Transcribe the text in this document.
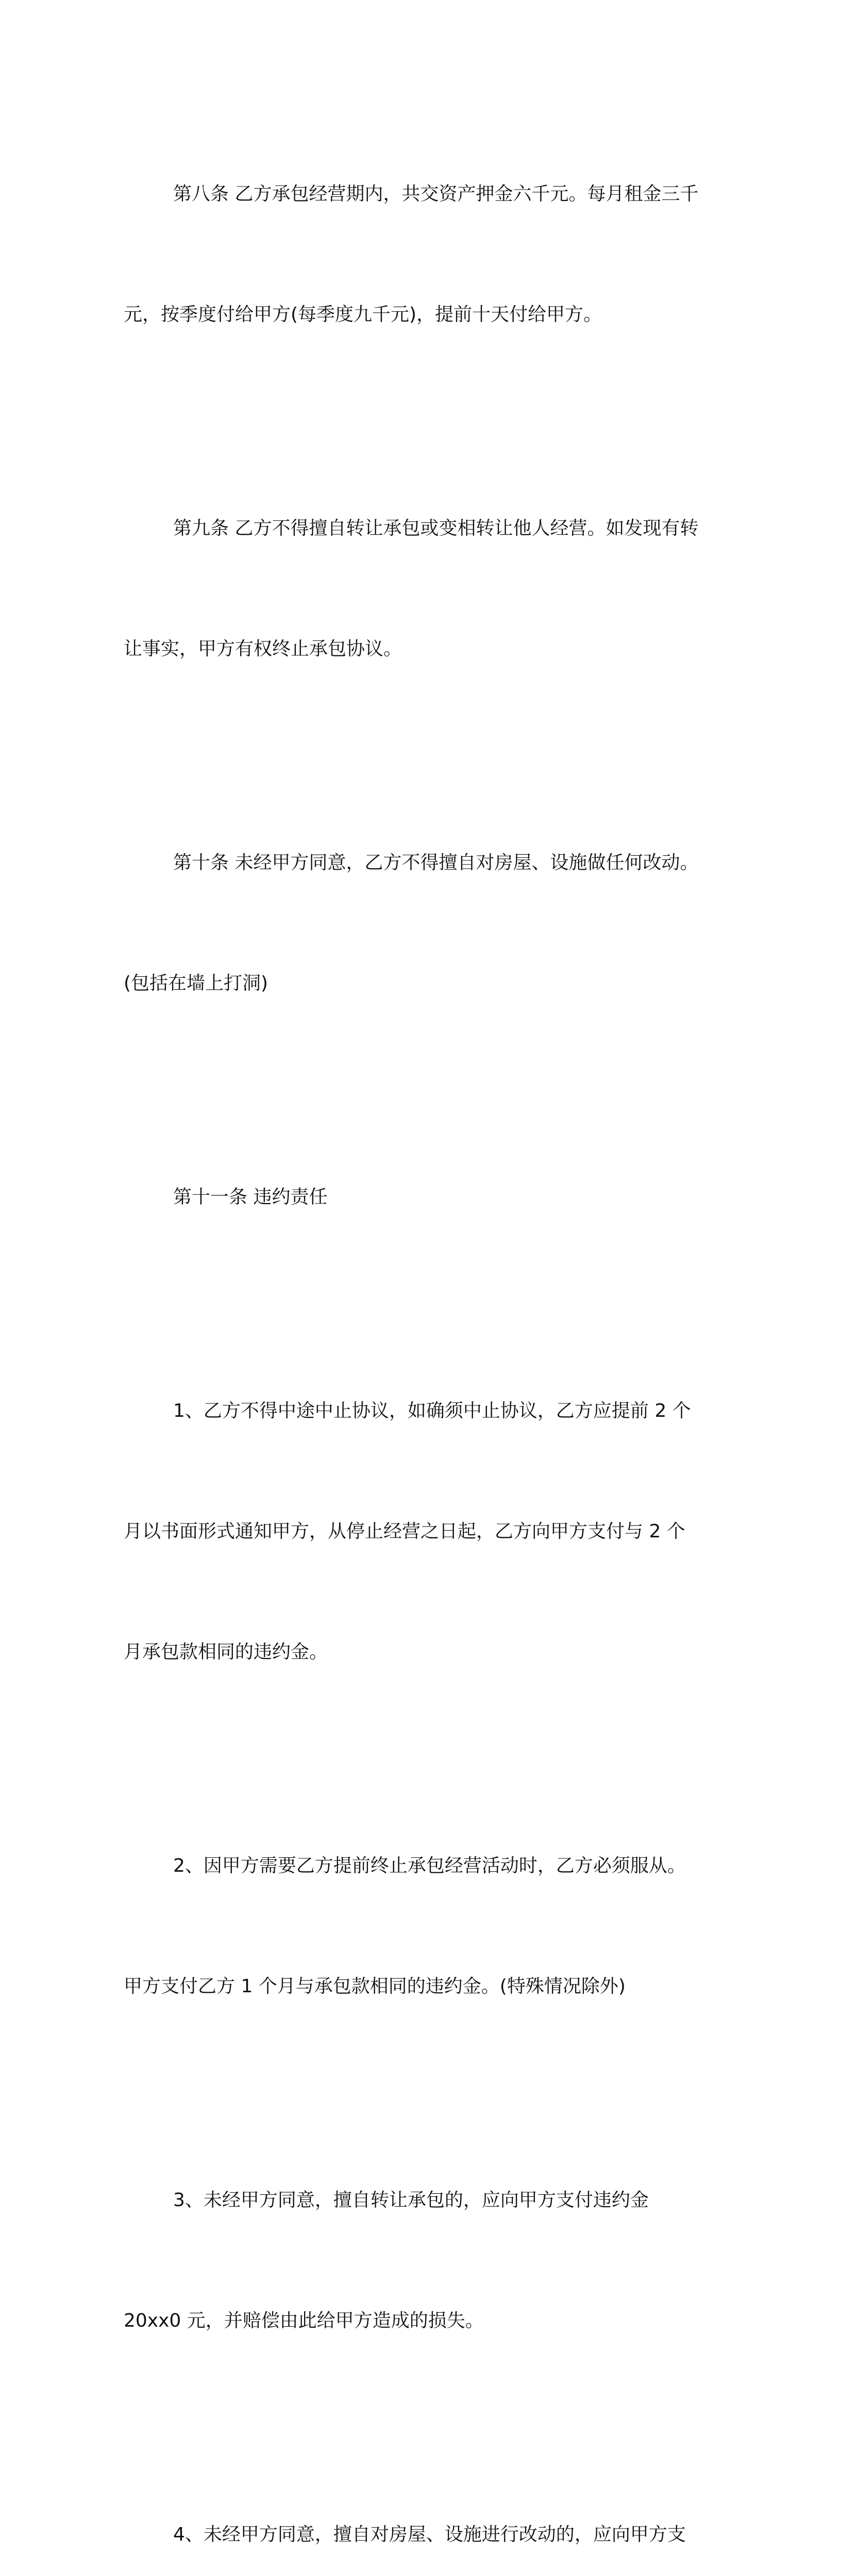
第八条 乙方承包经营期内，共交资产押金六千元。每月租金三千

元，按季度付给甲方(每季度九千元)，提前十天付给甲方。

第九条 乙方不得擅自转让承包或变相转让他人经营。如发现有转

让事实，甲方有权终止承包协议。

第十条 未经甲方同意，乙方不得擅自对房屋、设施做任何改动。

(包括在墙上打洞)

第十一条 违约责任

1、乙方不得中途中止协议，如确须中止协议，乙方应提前 2 个

月以书面形式通知甲方，从停止经营之日起，乙方向甲方支付与 2 个

月承包款相同的违约金。

2、因甲方需要乙方提前终止承包经营活动时，乙方必须服从。

甲方支付乙方 1 个月与承包款相同的违约金。(特殊情况除外)

3、未经甲方同意，擅自转让承包的，应向甲方支付违约金

20xx0 元，并赔偿由此给甲方造成的损失。

4、未经甲方同意，擅自对房屋、设施进行改动的，应向甲方支
